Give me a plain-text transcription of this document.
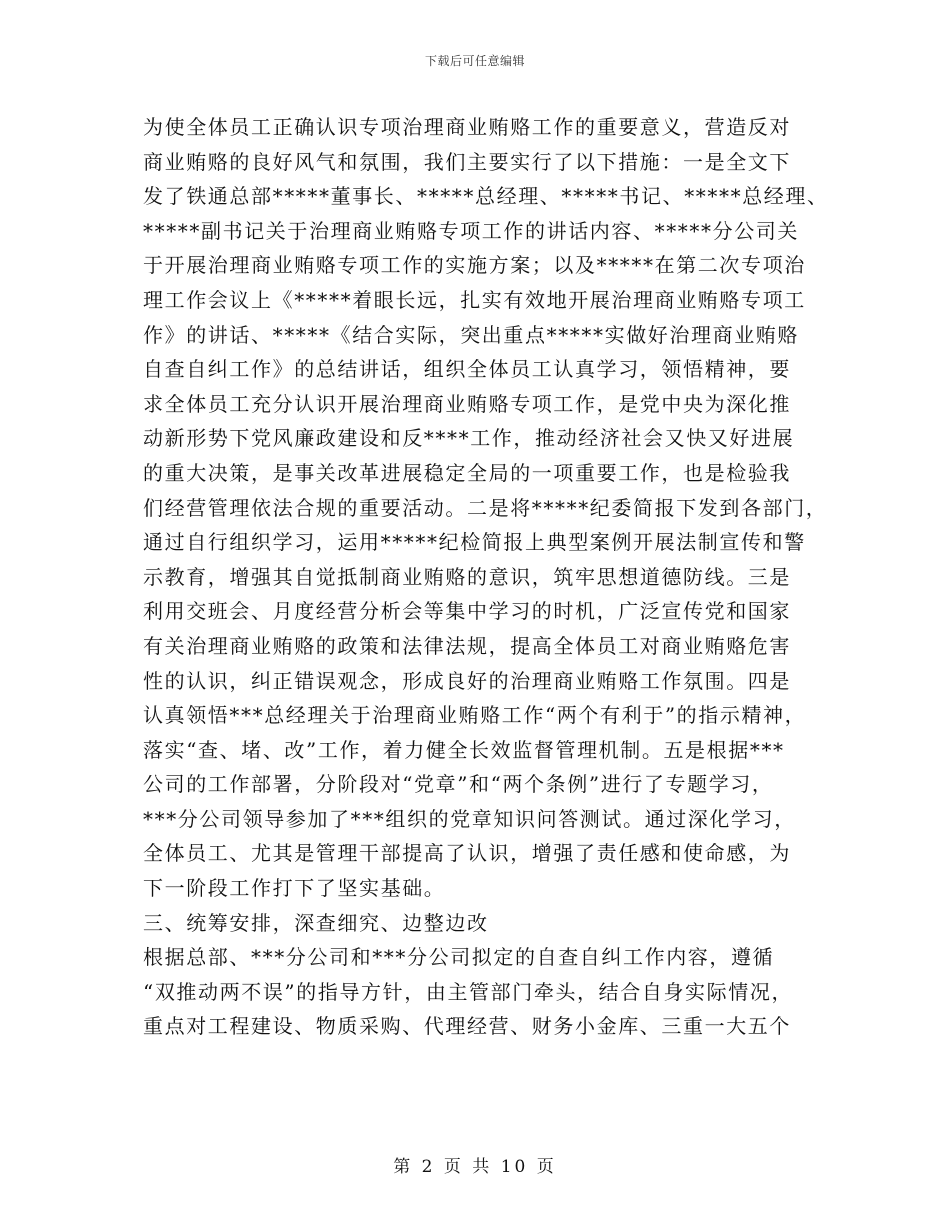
下载后可任意编辑
为使全体员工正确认识专项治理商业贿赂工作的重要意义，营造反对
商业贿赂的良好风气和氛围，我们主要实行了以下措施：一是全文下
发了铁通总部*****董事长、*****总经理、*****书记、*****总经理、
*****副书记关于治理商业贿赂专项工作的讲话内容、*****分公司关
于开展治理商业贿赂专项工作的实施方案；以及*****在第二次专项治
理工作会议上《*****着眼长远，扎实有效地开展治理商业贿赂专项工
作》的讲话、*****《结合实际，突出重点*****实做好治理商业贿赂
自查自纠工作》的总结讲话，组织全体员工认真学习，领悟精神，要
求全体员工充分认识开展治理商业贿赂专项工作，是党中央为深化推
动新形势下党风廉政建设和反****工作，推动经济社会又快又好进展
的重大决策，是事关改革进展稳定全局的一项重要工作，也是检验我
们经营管理依法合规的重要活动。二是将*****纪委简报下发到各部门，
通过自行组织学习，运用*****纪检简报上典型案例开展法制宣传和警
示教育，增强其自觉抵制商业贿赂的意识，筑牢思想道德防线。三是
利用交班会、月度经营分析会等集中学习的时机，广泛宣传党和国家
有关治理商业贿赂的政策和法律法规，提高全体员工对商业贿赂危害
性的认识，纠正错误观念，形成良好的治理商业贿赂工作氛围。四是
认真领悟***总经理关于治理商业贿赂工作“两个有利于”的指示精神，
落实“查、堵、改”工作，着力健全长效监督管理机制。五是根据***
公司的工作部署，分阶段对“党章”和“两个条例”进行了专题学习，
***分公司领导参加了***组织的党章知识问答测试。通过深化学习，
全体员工、尤其是管理干部提高了认识，增强了责任感和使命感，为
下一阶段工作打下了坚实基础。
三、统筹安排，深查细究、边整边改
根据总部、***分公司和***分公司拟定的自查自纠工作内容，遵循
“双推动两不误”的指导方针，由主管部门牵头，结合自身实际情况，
重点对工程建设、物质采购、代理经营、财务小金库、三重一大五个
第 2 页 共 10 页
